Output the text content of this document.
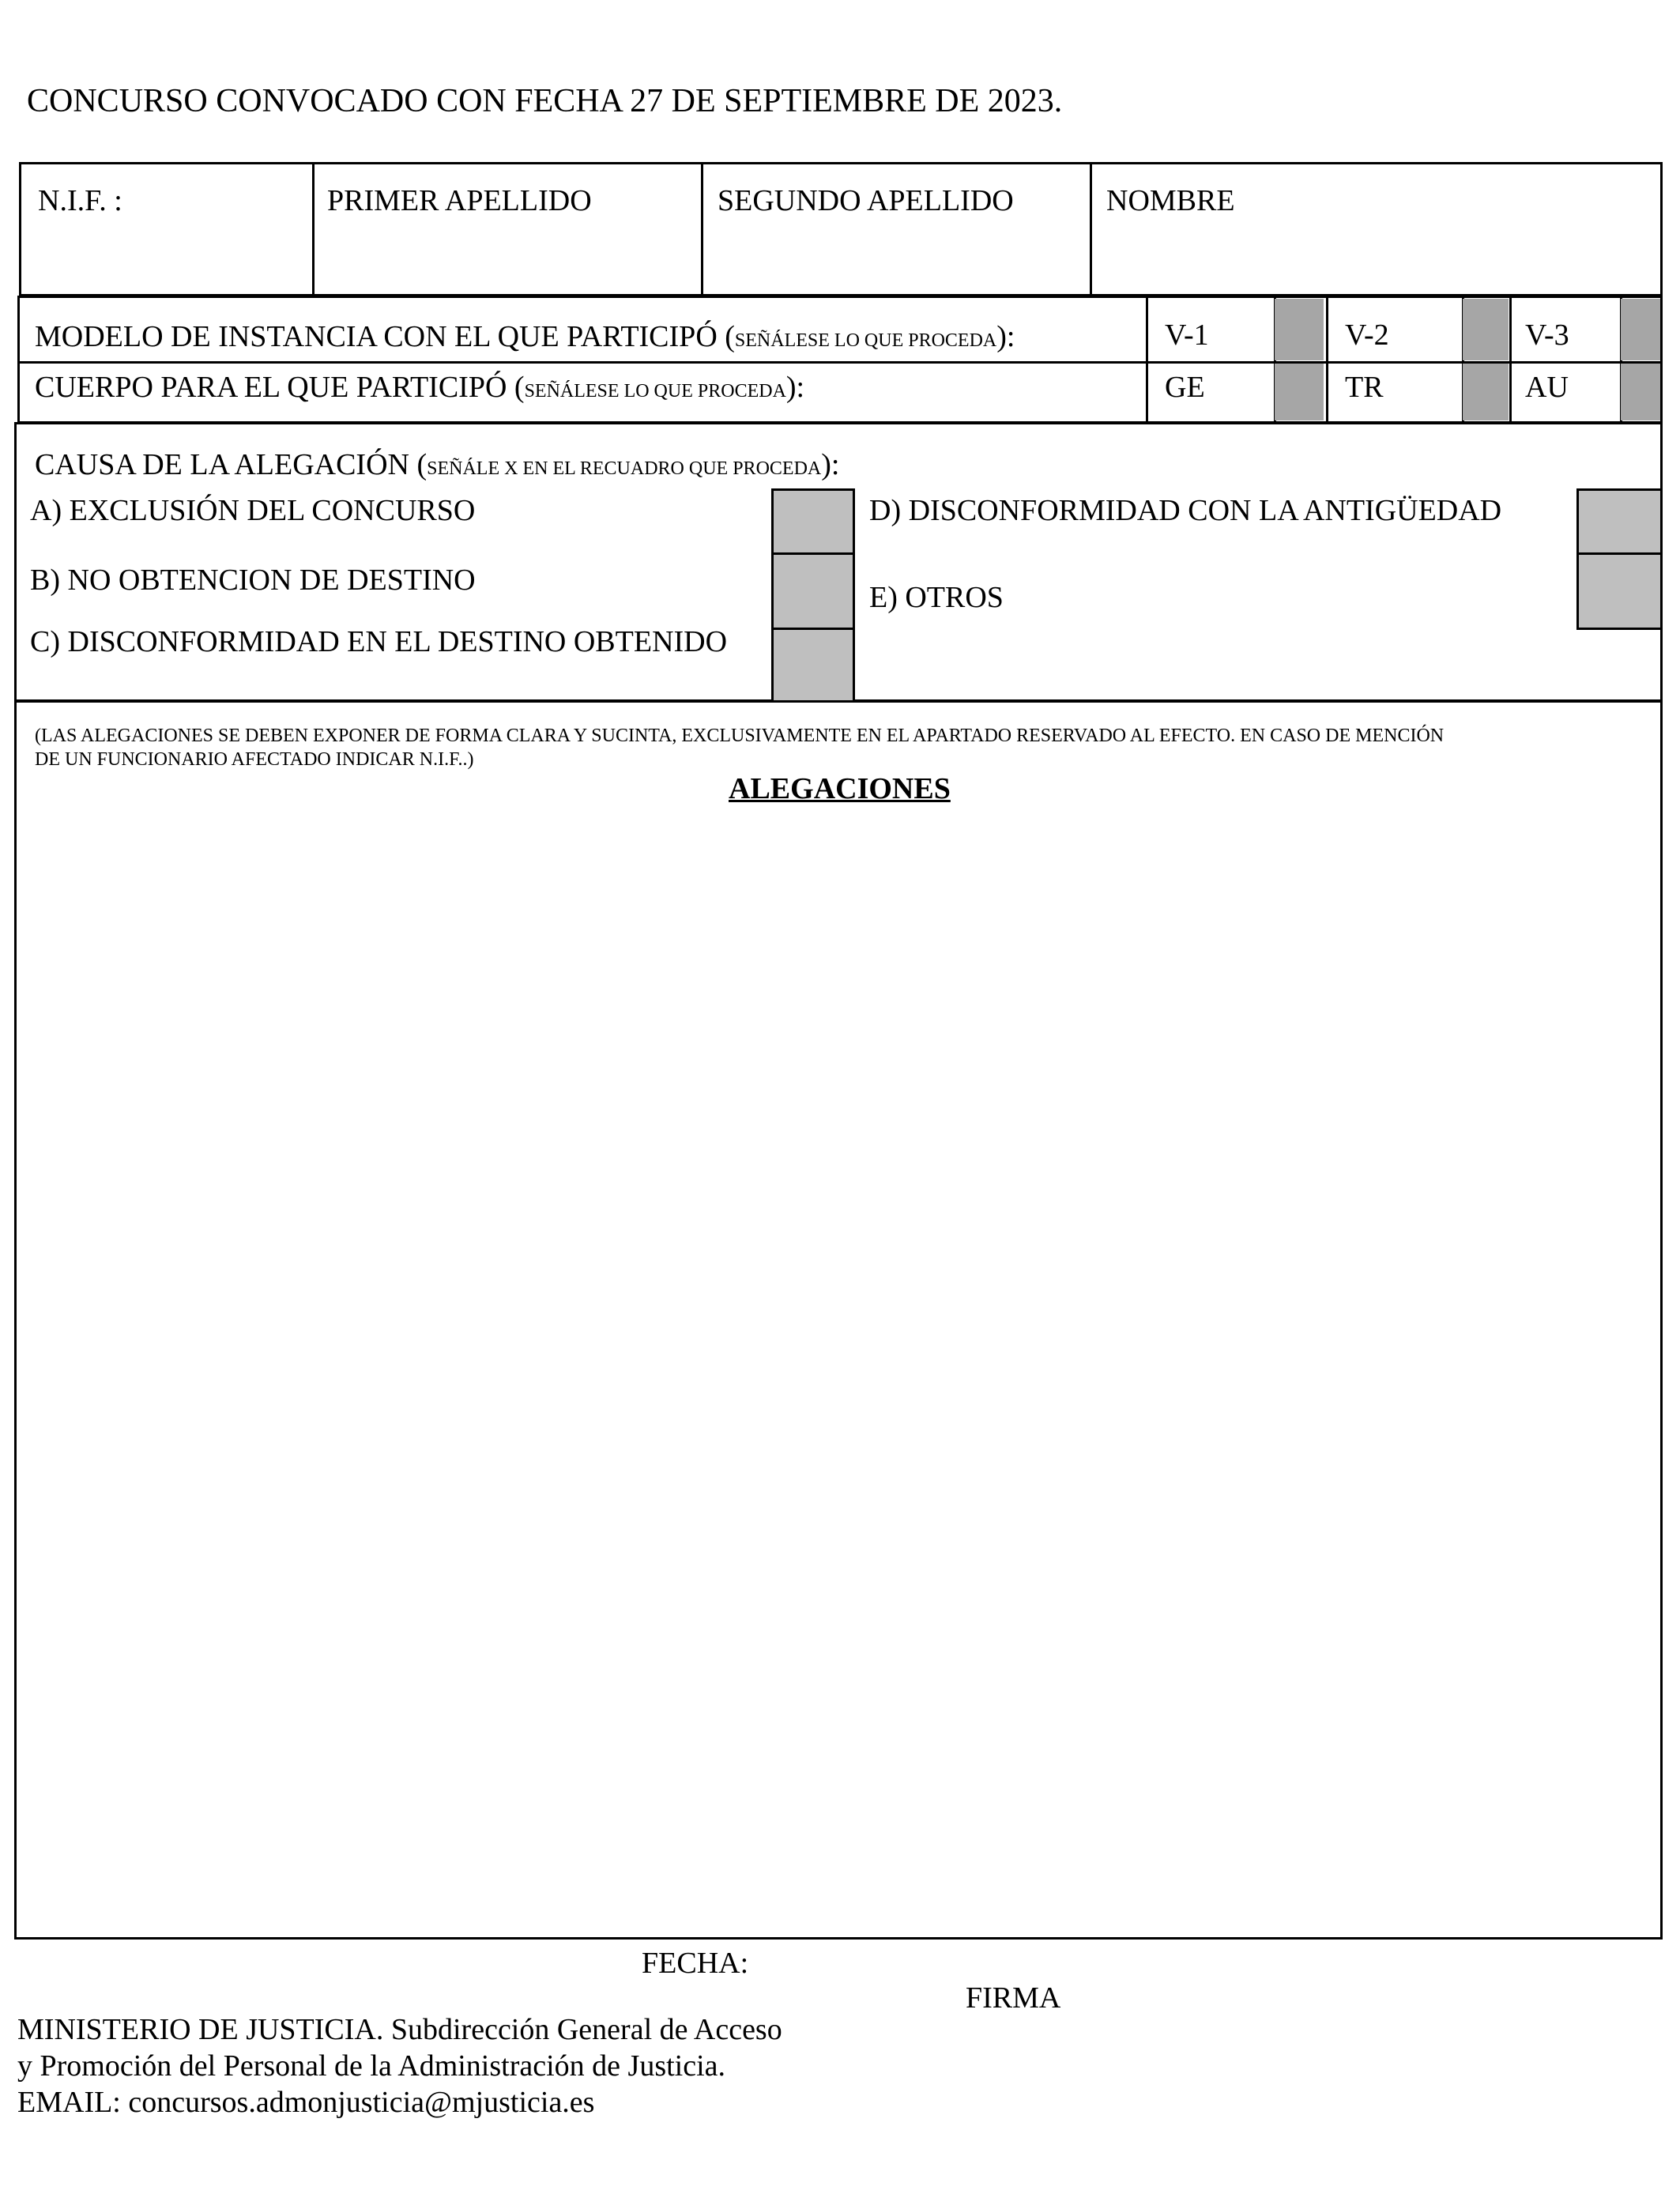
CONCURSO CONVOCADO CON FECHA 27 DE SEPTIEMBRE DE 2023.
N.I.F. :	PRIMER APELLIDO	SEGUNDO APELLIDO	NOMBRE
MODELO DE INSTANCIA CON EL QUE PARTICIPÓ (SEÑÁLESE LO QUE PROCEDA):	V-1	V-2	V-3
CUERPO PARA EL QUE PARTICIPÓ (SEÑÁLESE LO QUE PROCEDA):	GE	TR	AU
CAUSA DE LA ALEGACIÓN (SEÑÁLE X EN EL RECUADRO QUE PROCEDA):
A) EXCLUSIÓN DEL CONCURSO
B) NO OBTENCION DE DESTINO
C) DISCONFORMIDAD EN EL DESTINO OBTENIDO
D) DISCONFORMIDAD CON LA ANTIGÜEDAD
E) OTROS
(LAS ALEGACIONES SE DEBEN EXPONER DE FORMA CLARA Y SUCINTA, EXCLUSIVAMENTE EN EL APARTADO RESERVADO AL EFECTO. EN CASO DE MENCIÓN
DE UN FUNCIONARIO AFECTADO INDICAR N.I.F..)
ALEGACIONES
FECHA:
FIRMA
MINISTERIO DE JUSTICIA. Subdirección General de Acceso
y Promoción del Personal de la Administración de Justicia.
EMAIL: concursos.admonjusticia@mjusticia.es
